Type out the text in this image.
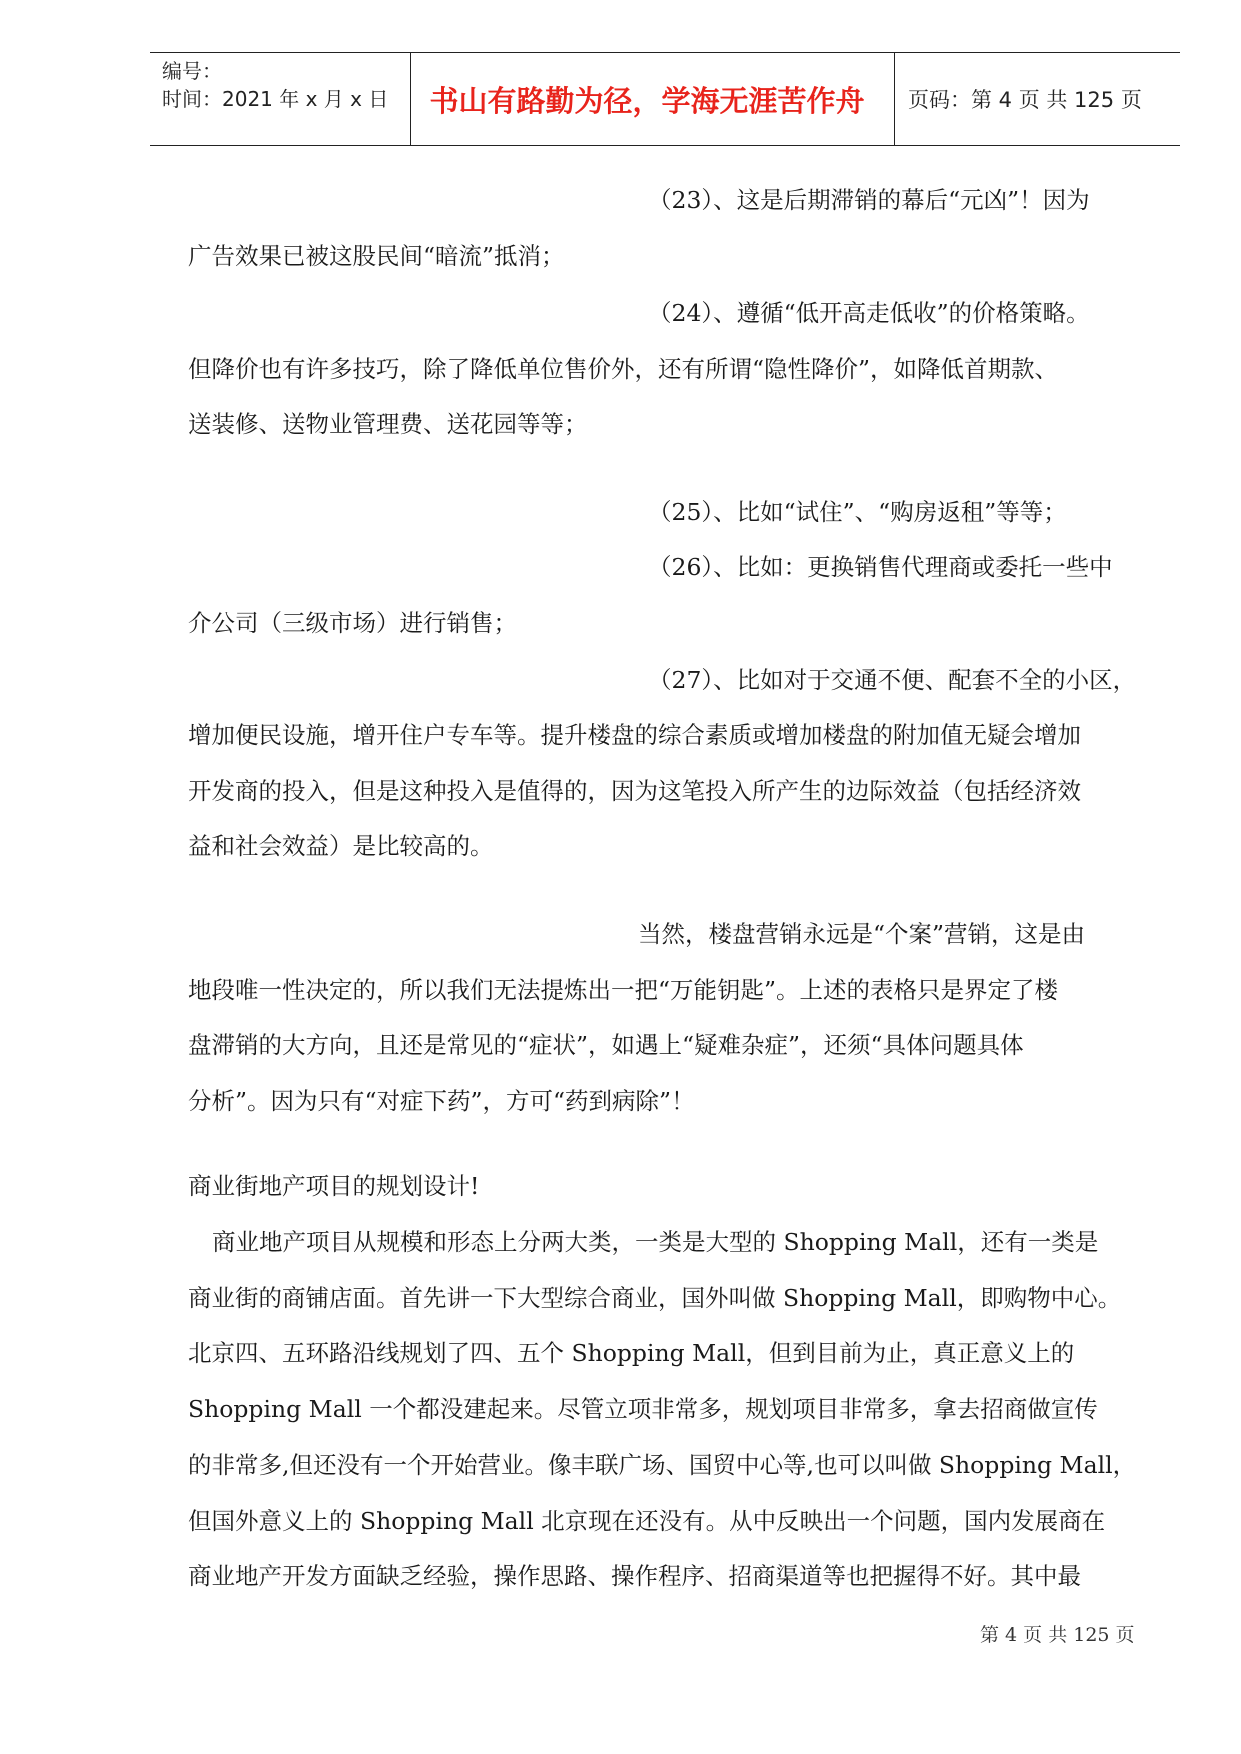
编号：
时间：2021 年 x 月 x 日	书山有路勤为径，学海无涯苦作舟	页码：第 4 页 共 125 页
（23）、这是后期滞销的幕后“元凶”！因为
广告效果已被这股民间“暗流”抵消；
（24）、遵循“低开高走低收”的价格策略。
但降价也有许多技巧，除了降低单位售价外，还有所谓“隐性降价”，如降低首期款、
送装修、送物业管理费、送花园等等；
（25）、比如“试住”、“购房返租”等等；
（26）、比如：更换销售代理商或委托一些中
介公司（三级市场）进行销售；
（27）、比如对于交通不便、配套不全的小区，
增加便民设施，增开住户专车等。提升楼盘的综合素质或增加楼盘的附加值无疑会增加
开发商的投入，但是这种投入是值得的，因为这笔投入所产生的边际效益（包括经济效
益和社会效益）是比较高的。
当然，楼盘营销永远是“个案”营销，这是由
地段唯一性决定的，所以我们无法提炼出一把“万能钥匙”。上述的表格只是界定了楼
盘滞销的大方向，且还是常见的“症状”，如遇上“疑难杂症”，还须“具体问题具体
分析”。因为只有“对症下药”，方可“药到病除”！
商业街地产项目的规划设计!
商业地产项目从规模和形态上分两大类，一类是大型的 Shopping Mall，还有一类是
商业街的商铺店面。首先讲一下大型综合商业，国外叫做 Shopping Mall，即购物中心。
北京四、五环路沿线规划了四、五个 Shopping Mall，但到目前为止，真正意义上的
Shopping Mall 一个都没建起来。尽管立项非常多，规划项目非常多，拿去招商做宣传
的非常多,但还没有一个开始营业。像丰联广场、国贸中心等,也可以叫做 Shopping Mall，
但国外意义上的 Shopping Mall 北京现在还没有。从中反映出一个问题，国内发展商在
商业地产开发方面缺乏经验，操作思路、操作程序、招商渠道等也把握得不好。其中最
第 4 页 共 125 页
